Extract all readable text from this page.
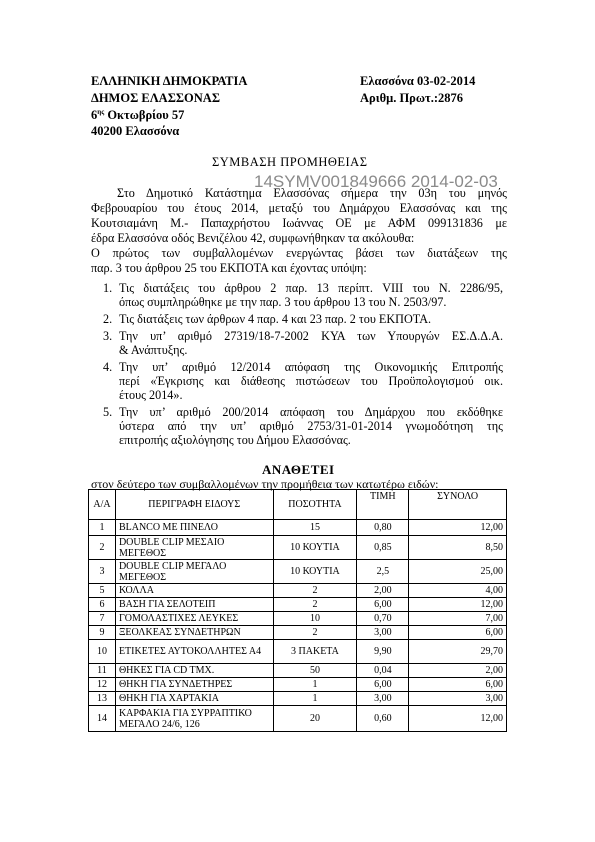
ΕΛΛΗΝΙΚΗ ΔΗΜΟΚΡΑΤΙΑ
ΔΗΜΟΣ ΕΛΑΣΣΟΝΑΣ
$6^{\eta\varsigma}$ Οκτωβρίου 57
40200 Ελασσόνα
Ελασσόνα 03-02-2014
Αριθμ. Πρωτ.:2876
ΣΥΜΒΑΣΗ ΠΡΟΜΗΘΕΙΑΣ
Στο Δημοτικό Κατάστημα Ελασσόνας σήμερα την 03η του μηνός
Φεβρουαρίου του έτους 2014, μεταξύ του Δημάρχου Ελασσόνας και της
Κουτσιαμάνη Μ.- Παπαχρήστου Ιωάννας ΟΕ με ΑΦΜ 099131836 με
έδρα Ελασσόνα οδός Βενιζέλου 42, συμφωνήθηκαν τα ακόλουθα:
Ο πρώτος των συμβαλλομένων ενεργώντας βάσει των διατάξεων της
παρ. 3 του άρθρου 25 του ΕΚΠΟΤΑ και έχοντας υπόψη:
14SYMV001849666 2014-02-03
1. Τις διατάξεις του άρθρου 2 παρ. 13 περίπτ. VIII του Ν. 2286/95,
όπως συμπληρώθηκε με την παρ. 3 του άρθρου 13 του Ν. 2503/97.
2. Τις διατάξεις των άρθρων 4 παρ. 4 και 23 παρ. 2 του ΕΚΠΟΤΑ.
3. Την υπ’ αριθμό 27319/18-7-2002 ΚΥΑ των Υπουργών ΕΣ.Δ.Δ.Α.
& Ανάπτυξης.
4. Την υπ’ αριθμό 12/2014 απόφαση της Οικονομικής Επιτροπής
περί «Έγκρισης και διάθεσης πιστώσεων του Προϋπολογισμού οικ.
έτους 2014».
5. Την υπ’ αριθμό 200/2014 απόφαση του Δημάρχου που εκδόθηκε
ύστερα από την υπ’ αριθμό 2753/31-01-2014 γνωμοδότηση της
επιτροπής αξιολόγησης του Δήμου Ελασσόνας.
ΑΝΑΘΕΤΕΙ
στον δεύτερο των συμβαλλομένων την προμήθεια των κατωτέρω ειδών:
Α/Α	ΠΕΡΙΓΡΑΦΗ ΕΙΔΟΥΣ	ΠΟΣΟΤΗΤΑ	ΤΙΜΗ	ΣΥΝΟΛΟ
1	BLANCO ΜΕ ΠΙΝΕΛΟ	15	0,80	12,00
2	DOUBLE CLIP ΜΕΣΑΙΟ ΜΕΓΕΘΟΣ	10 ΚΟΥΤΙΑ	0,85	8,50
3	DOUBLE CLIP ΜΕΓΑΛΟ ΜΕΓΕΘΟΣ	10 ΚΟΥΤΙΑ	2,5	25,00
5	ΚΟΛΛΑ	2	2,00	4,00
6	ΒΑΣΗ ΓΙΑ ΣΕΛΟΤΕΙΠ	2	6,00	12,00
7	ΓΟΜΟΛΑΣΤΙΧΕΣ ΛΕΥΚΕΣ	10	0,70	7,00
9	ΞΕΟΛΚΕΑΣ ΣΥΝΔΕΤΗΡΩΝ	2	3,00	6,00
10	ΕΤΙΚΕΤΕΣ ΑΥΤΟΚΟΛΛΗΤΕΣ Α4	3 ΠΑΚΕΤΑ	9,90	29,70
11	ΘΗΚΕΣ ΓΙΑ CD TMX.	50	0,04	2,00
12	ΘΗΚΗ ΓΙΑ ΣΥΝΔΕΤΗΡΕΣ	1	6,00	6,00
13	ΘΗΚΗ ΓΙΑ ΧΑΡΤΑΚΙΑ	1	3,00	3,00
14	ΚΑΡΦΑΚΙΑ ΓΙΑ ΣΥΡΡΑΠΤΙΚΟ ΜΕΓΑΛΟ 24/6, 126	20	0,60	12,00
